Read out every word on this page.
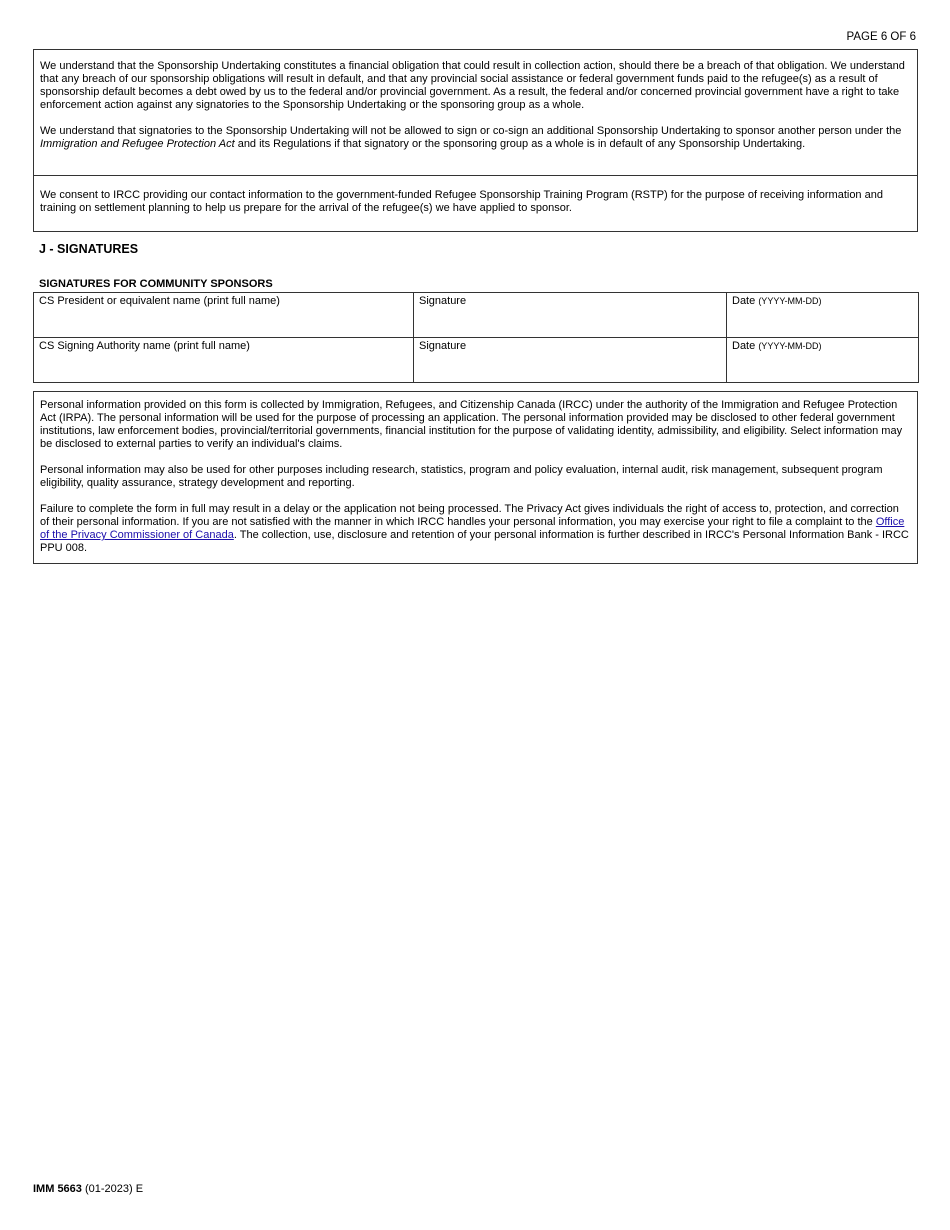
PAGE 6 OF 6

We understand that the Sponsorship Undertaking constitutes a financial obligation that could result in collection action, should there be a breach of that obligation. We understand that any breach of our sponsorship obligations will result in default, and that any provincial social assistance or federal government funds paid to the refugee(s) as a result of sponsorship default becomes a debt owed by us to the federal and/or provincial government. As a result, the federal and/or concerned provincial government have a right to take enforcement action against any signatories to the Sponsorship Undertaking or the sponsoring group as a whole.

We understand that signatories to the Sponsorship Undertaking will not be allowed to sign or co-sign an additional Sponsorship Undertaking to sponsor another person under the Immigration and Refugee Protection Act and its Regulations if that signatory or the sponsoring group as a whole is in default of any Sponsorship Undertaking.

We consent to IRCC providing our contact information to the government-funded Refugee Sponsorship Training Program (RSTP) for the purpose of receiving information and training on settlement planning to help us prepare for the arrival of the refugee(s) we have applied to sponsor.

J - SIGNATURES
SIGNATURES FOR COMMUNITY SPONSORS
CS President or equivalent name (print full name)	Signature	Date (YYYY-MM-DD)
CS Signing Authority name (print full name)	Signature	Date (YYYY-MM-DD)

Personal information provided on this form is collected by Immigration, Refugees, and Citizenship Canada (IRCC) under the authority of the Immigration and Refugee Protection Act (IRPA). The personal information will be used for the purpose of processing an application. The personal information provided may be disclosed to other federal government institutions, law enforcement bodies, provincial/territorial governments, financial institution for the purpose of validating identity, admissibility, and eligibility. Select information may be disclosed to external parties to verify an individual's claims.

Personal information may also be used for other purposes including research, statistics, program and policy evaluation, internal audit, risk management, subsequent program eligibility, quality assurance, strategy development and reporting.

Failure to complete the form in full may result in a delay or the application not being processed. The Privacy Act gives individuals the right of access to, protection, and correction of their personal information. If you are not satisfied with the manner in which IRCC handles your personal information, you may exercise your right to file a complaint to the Office of the Privacy Commissioner of Canada. The collection, use, disclosure and retention of your personal information is further described in IRCC's Personal Information Bank - IRCC PPU 008.

IMM 5663 (01-2023) E
